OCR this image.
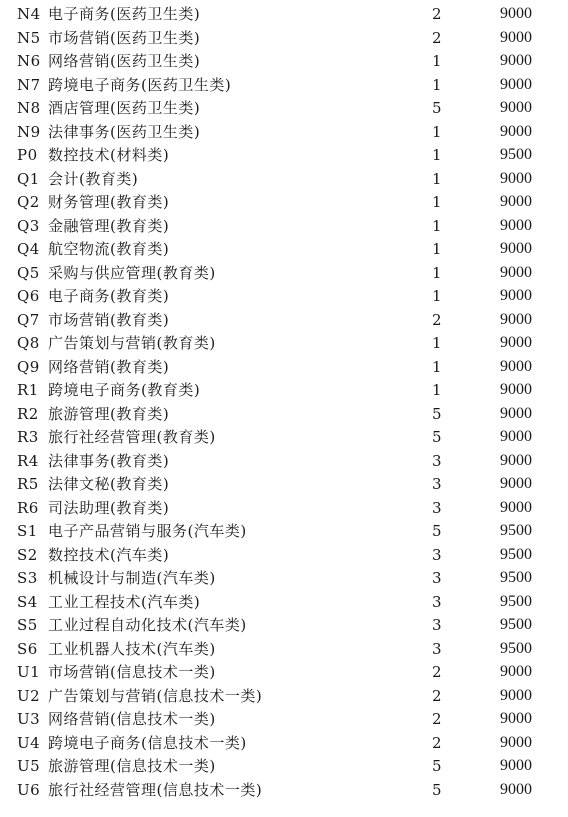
N4 电子商务(医药卫生类)	2	9000
N5 市场营销(医药卫生类)	2	9000
N6 网络营销(医药卫生类)	1	9000
N7 跨境电子商务(医药卫生类)	1	9000
N8 酒店管理(医药卫生类)	5	9000
N9 法律事务(医药卫生类)	1	9000
P0 数控技术(材料类)	1	9500
Q1 会计(教育类)	1	9000
Q2 财务管理(教育类)	1	9000
Q3 金融管理(教育类)	1	9000
Q4 航空物流(教育类)	1	9000
Q5 采购与供应管理(教育类)	1	9000
Q6 电子商务(教育类)	1	9000
Q7 市场营销(教育类)	2	9000
Q8 广告策划与营销(教育类)	1	9000
Q9 网络营销(教育类)	1	9000
R1 跨境电子商务(教育类)	1	9000
R2 旅游管理(教育类)	5	9000
R3 旅行社经营管理(教育类)	5	9000
R4 法律事务(教育类)	3	9000
R5 法律文秘(教育类)	3	9000
R6 司法助理(教育类)	3	9000
S1 电子产品营销与服务(汽车类)	5	9500
S2 数控技术(汽车类)	3	9500
S3 机械设计与制造(汽车类)	3	9500
S4 工业工程技术(汽车类)	3	9500
S5 工业过程自动化技术(汽车类)	3	9500
S6 工业机器人技术(汽车类)	3	9500
U1 市场营销(信息技术一类)	2	9000
U2 广告策划与营销(信息技术一类)	2	9000
U3 网络营销(信息技术一类)	2	9000
U4 跨境电子商务(信息技术一类)	2	9000
U5 旅游管理(信息技术一类)	5	9000
U6 旅行社经营管理(信息技术一类)	5	9000
